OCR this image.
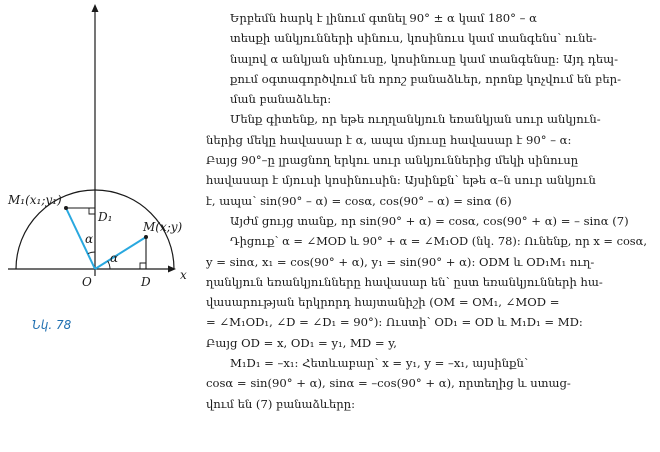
M₁(x₁;y₁)
M(x;y)
D₁
O	D x
α
α
Նկ. 78

Երբեմն հարկ է լինում գտնել 90° ± α կամ 180° – α
տեսքի անկյունների սինուս, կոսինուս կամ տանգենս՝ ունե-
նալով α անկյան սինուսը, կոսինուսը կամ տանգենսը: Այդ դեպ-
քում օգտագործվում են որոշ բանաձևեր, որոնք կոչվում են բեր-
ման բանաձևեր:

Մենք գիտենք, որ եթե ուղղանկյուն եռանկյան սուր անկյուն-
ներից մեկը հավասար է α, ապա մյուսը հավասար է 90° – α:
Բայց 90°–ը լրացնող երկու սուր անկյուններից մեկի սինուսը
հավասար է մյուսի կոսինուսին: Այսինքն՝ եթե α–ն սուր անկյուն
է, ապա՝ sin(90° – α) = cosα, cos(90° – α) = sinα (6)

Այժմ ցույց տանք, որ sin(90° + α) = cosα, cos(90° + α) = – sinα (7)

Դիցուք՝ α = ∠MOD և 90° + α = ∠M₁OD (նկ. 78): Ունենք, որ x = cosα,
y = sinα, x₁ = cos(90° + α), y₁ = sin(90° + α): ODM և OD₁M₁ ուղ-
ղանկյուն եռանկյունները հավասար են՝ ըստ եռանկյունների հա-
վասարության երկրորդ հայտանիշի (OM = OM₁, ∠MOD =
= ∠M₁OD₁, ∠D = ∠D₁ = 90°): Ուստի՝ OD₁ = OD և M₁D₁ = MD:
Բայց OD = x, OD₁ = y₁, MD = y,

M₁D₁ = –x₁: Հետևաբար՝ x = y₁, y = –x₁, այսինքն՝
cosα = sin(90° + α), sinα = –cos(90° + α), որտեղից և ստաց-
վում են (7) բանաձևերը:
